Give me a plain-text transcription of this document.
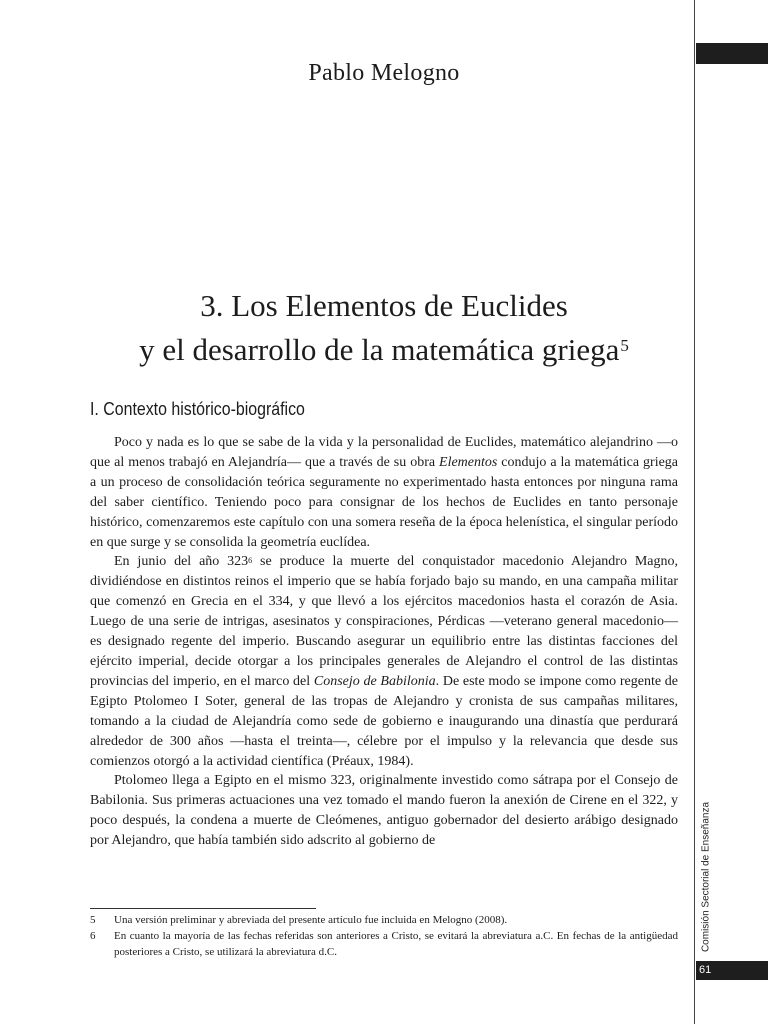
Pablo Melogno
3. Los Elementos de Euclides
y el desarrollo de la matemática griega$^5$
I. Contexto histórico-biográfico

Poco y nada es lo que se sabe de la vida y la personalidad de Euclides, matemático alejandrino —o que al menos trabajó en Alejandría— que a través de su obra Elementos condujo a la matemática griega a un proceso de consolidación teórica seguramente no experimentado hasta entonces por ninguna rama del saber científico. Teniendo poco para consignar de los hechos de Euclides en tanto personaje histórico, comenzaremos este capítulo con una somera reseña de la época helenística, el singular período en que surge y se consolida la geometría euclídea.

En junio del año $323^6$ se produce la muerte del conquistador macedonio Alejandro Magno, dividiéndose en distintos reinos el imperio que se había forjado bajo su mando, en una campaña militar que comenzó en Grecia en el 334, y que llevó a los ejércitos macedonios hasta el corazón de Asia. Luego de una serie de intrigas, asesinatos y conspiraciones, Pérdicas —veterano general macedonio— es designado regente del imperio. Buscando asegurar un equilibrio entre las distintas facciones del ejército imperial, decide otorgar a los principales generales de Alejandro el control de las distintas provincias del imperio, en el marco del Consejo de Babilonia. De este modo se impone como regente de Egipto Ptolomeo I Soter, general de las tropas de Alejandro y cronista de sus campañas militares, tomando a la ciudad de Alejandría como sede de gobierno e inaugurando una dinastía que perdurará alrededor de 300 años —hasta el treinta—, célebre por el impulso y la relevancia que desde sus comienzos otorgó a la actividad científica (Préaux, 1984).

Ptolomeo llega a Egipto en el mismo 323, originalmente investido como sátrapa por el Consejo de Babilonia. Sus primeras actuaciones una vez tomado el mando fueron la anexión de Cirene en el 322, y poco después, la condena a muerte de Cleómenes, antiguo gobernador del desierto arábigo designado por Alejandro, que había también sido adscrito al gobierno de

5 Una versión preliminar y abreviada del presente artículo fue incluida en Melogno (2008).
6 En cuanto la mayoría de las fechas referidas son anteriores a Cristo, se evitará la abreviatura a.C. En fechas de la antigüedad posteriores a Cristo, se utilizará la abreviatura d.C.	Comisión Sectorial de Enseñanza
61
